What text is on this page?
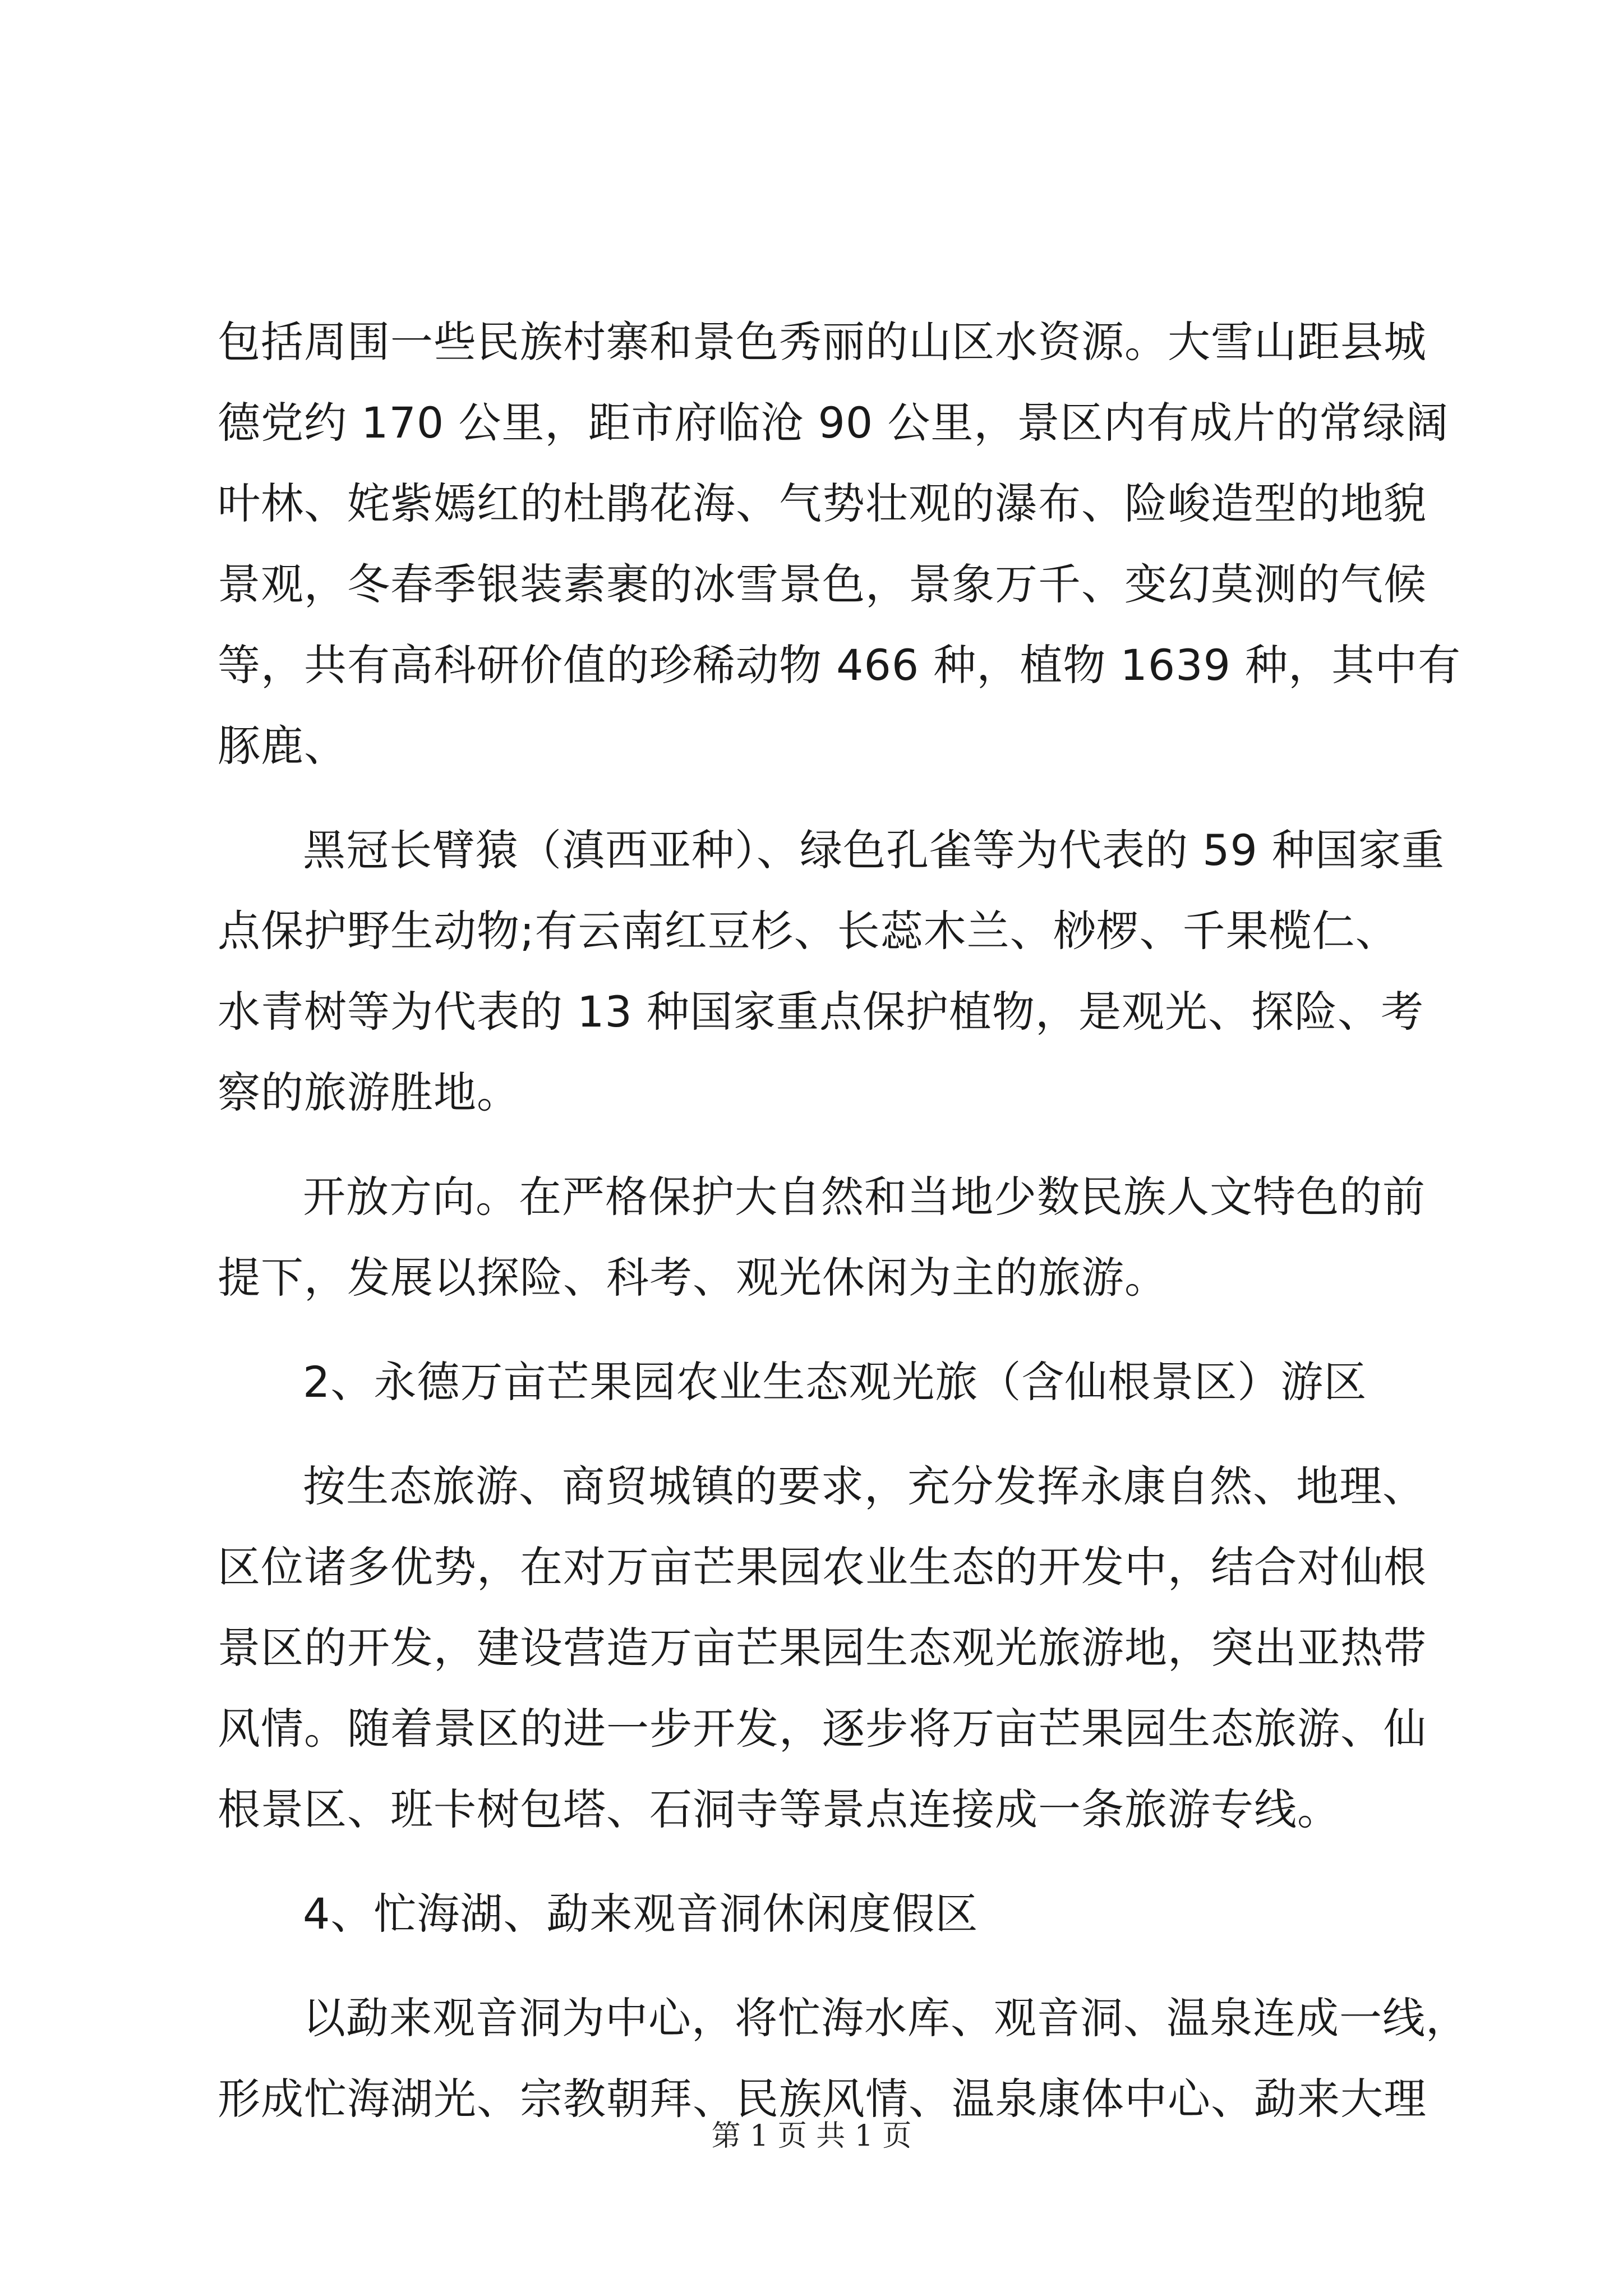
包括周围一些民族村寨和景色秀丽的山区水资源。大雪山距县城
德党约 170 公里，距市府临沧 90 公里，景区内有成片的常绿阔
叶林、姹紫嫣红的杜鹃花海、气势壮观的瀑布、险峻造型的地貌
景观，冬春季银装素裹的冰雪景色，景象万千、变幻莫测的气候
等，共有高科研价值的珍稀动物 466 种，植物 1639 种，其中有
豚鹿、
黑冠长臂猿（滇西亚种）、绿色孔雀等为代表的 59 种国家重
点保护野生动物;有云南红豆杉、长蕊木兰、桫椤、千果榄仁、
水青树等为代表的 13 种国家重点保护植物，是观光、探险、考
察的旅游胜地。
开放方向。在严格保护大自然和当地少数民族人文特色的前
提下，发展以探险、科考、观光休闲为主的旅游。
2、永德万亩芒果园农业生态观光旅（含仙根景区）游区
按生态旅游、商贸城镇的要求，充分发挥永康自然、地理、
区位诸多优势，在对万亩芒果园农业生态的开发中，结合对仙根
景区的开发，建设营造万亩芒果园生态观光旅游地，突出亚热带
风情。随着景区的进一步开发，逐步将万亩芒果园生态旅游、仙
根景区、班卡树包塔、石洞寺等景点连接成一条旅游专线。
4、忙海湖、勐来观音洞休闲度假区
以勐来观音洞为中心，将忙海水库、观音洞、温泉连成一线，
形成忙海湖光、宗教朝拜、民族风情、温泉康体中心、勐来大理
第 1 页 共 1 页
